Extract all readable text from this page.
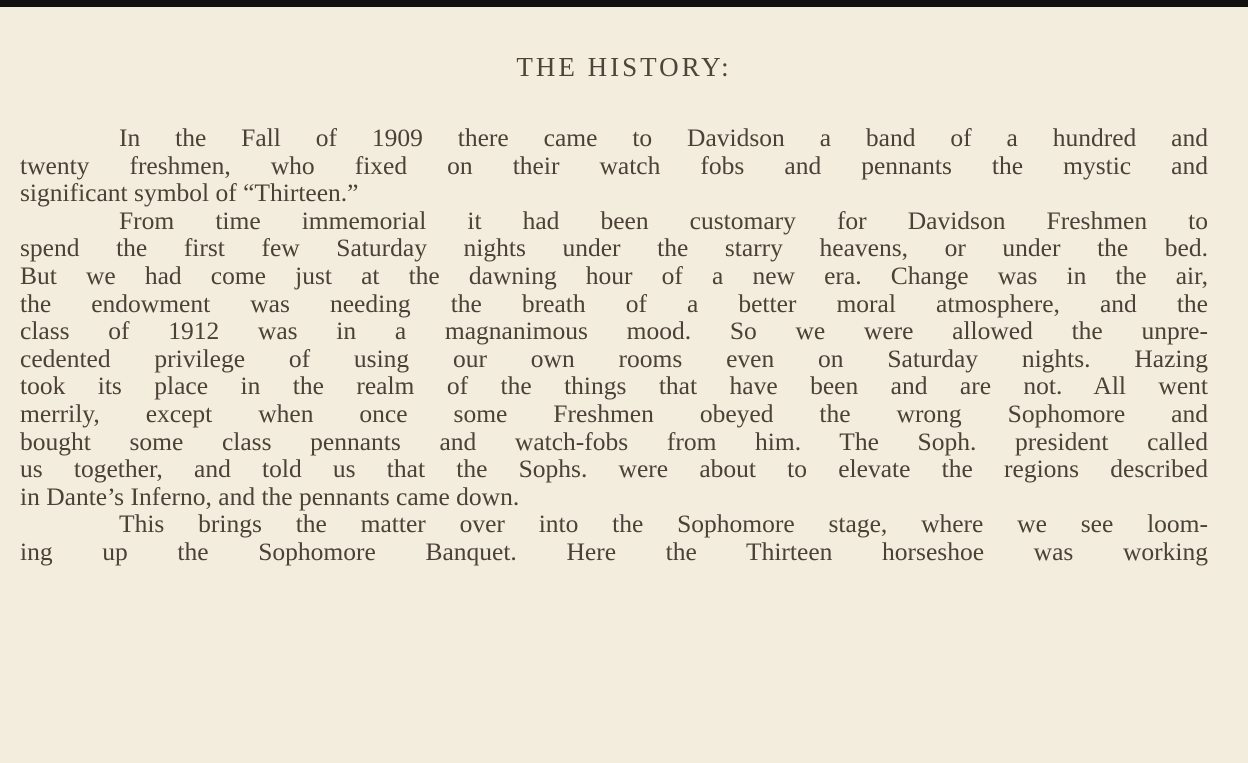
THE HISTORY:
In the Fall of 1909 there came to Davidson a band of a hundred and
twenty freshmen, who fixed on their watch fobs and pennants the mystic and
significant symbol of “Thirteen.”
From time immemorial it had been customary for Davidson Freshmen to
spend the first few Saturday nights under the starry heavens, or under the bed.
But we had come just at the dawning hour of a new era. Change was in the air,
the endowment was needing the breath of a better moral atmosphere, and the
class of 1912 was in a magnanimous mood. So we were allowed the unpre-
cedented privilege of using our own rooms even on Saturday nights. Hazing
took its place in the realm of the things that have been and are not. All went
merrily, except when once some Freshmen obeyed the wrong Sophomore and
bought some class pennants and watch-fobs from him. The Soph. president called
us together, and told us that the Sophs. were about to elevate the regions described
in Dante’s Inferno, and the pennants came down.
This brings the matter over into the Sophomore stage, where we see loom-
ing up the Sophomore Banquet. Here the Thirteen horseshoe was working
